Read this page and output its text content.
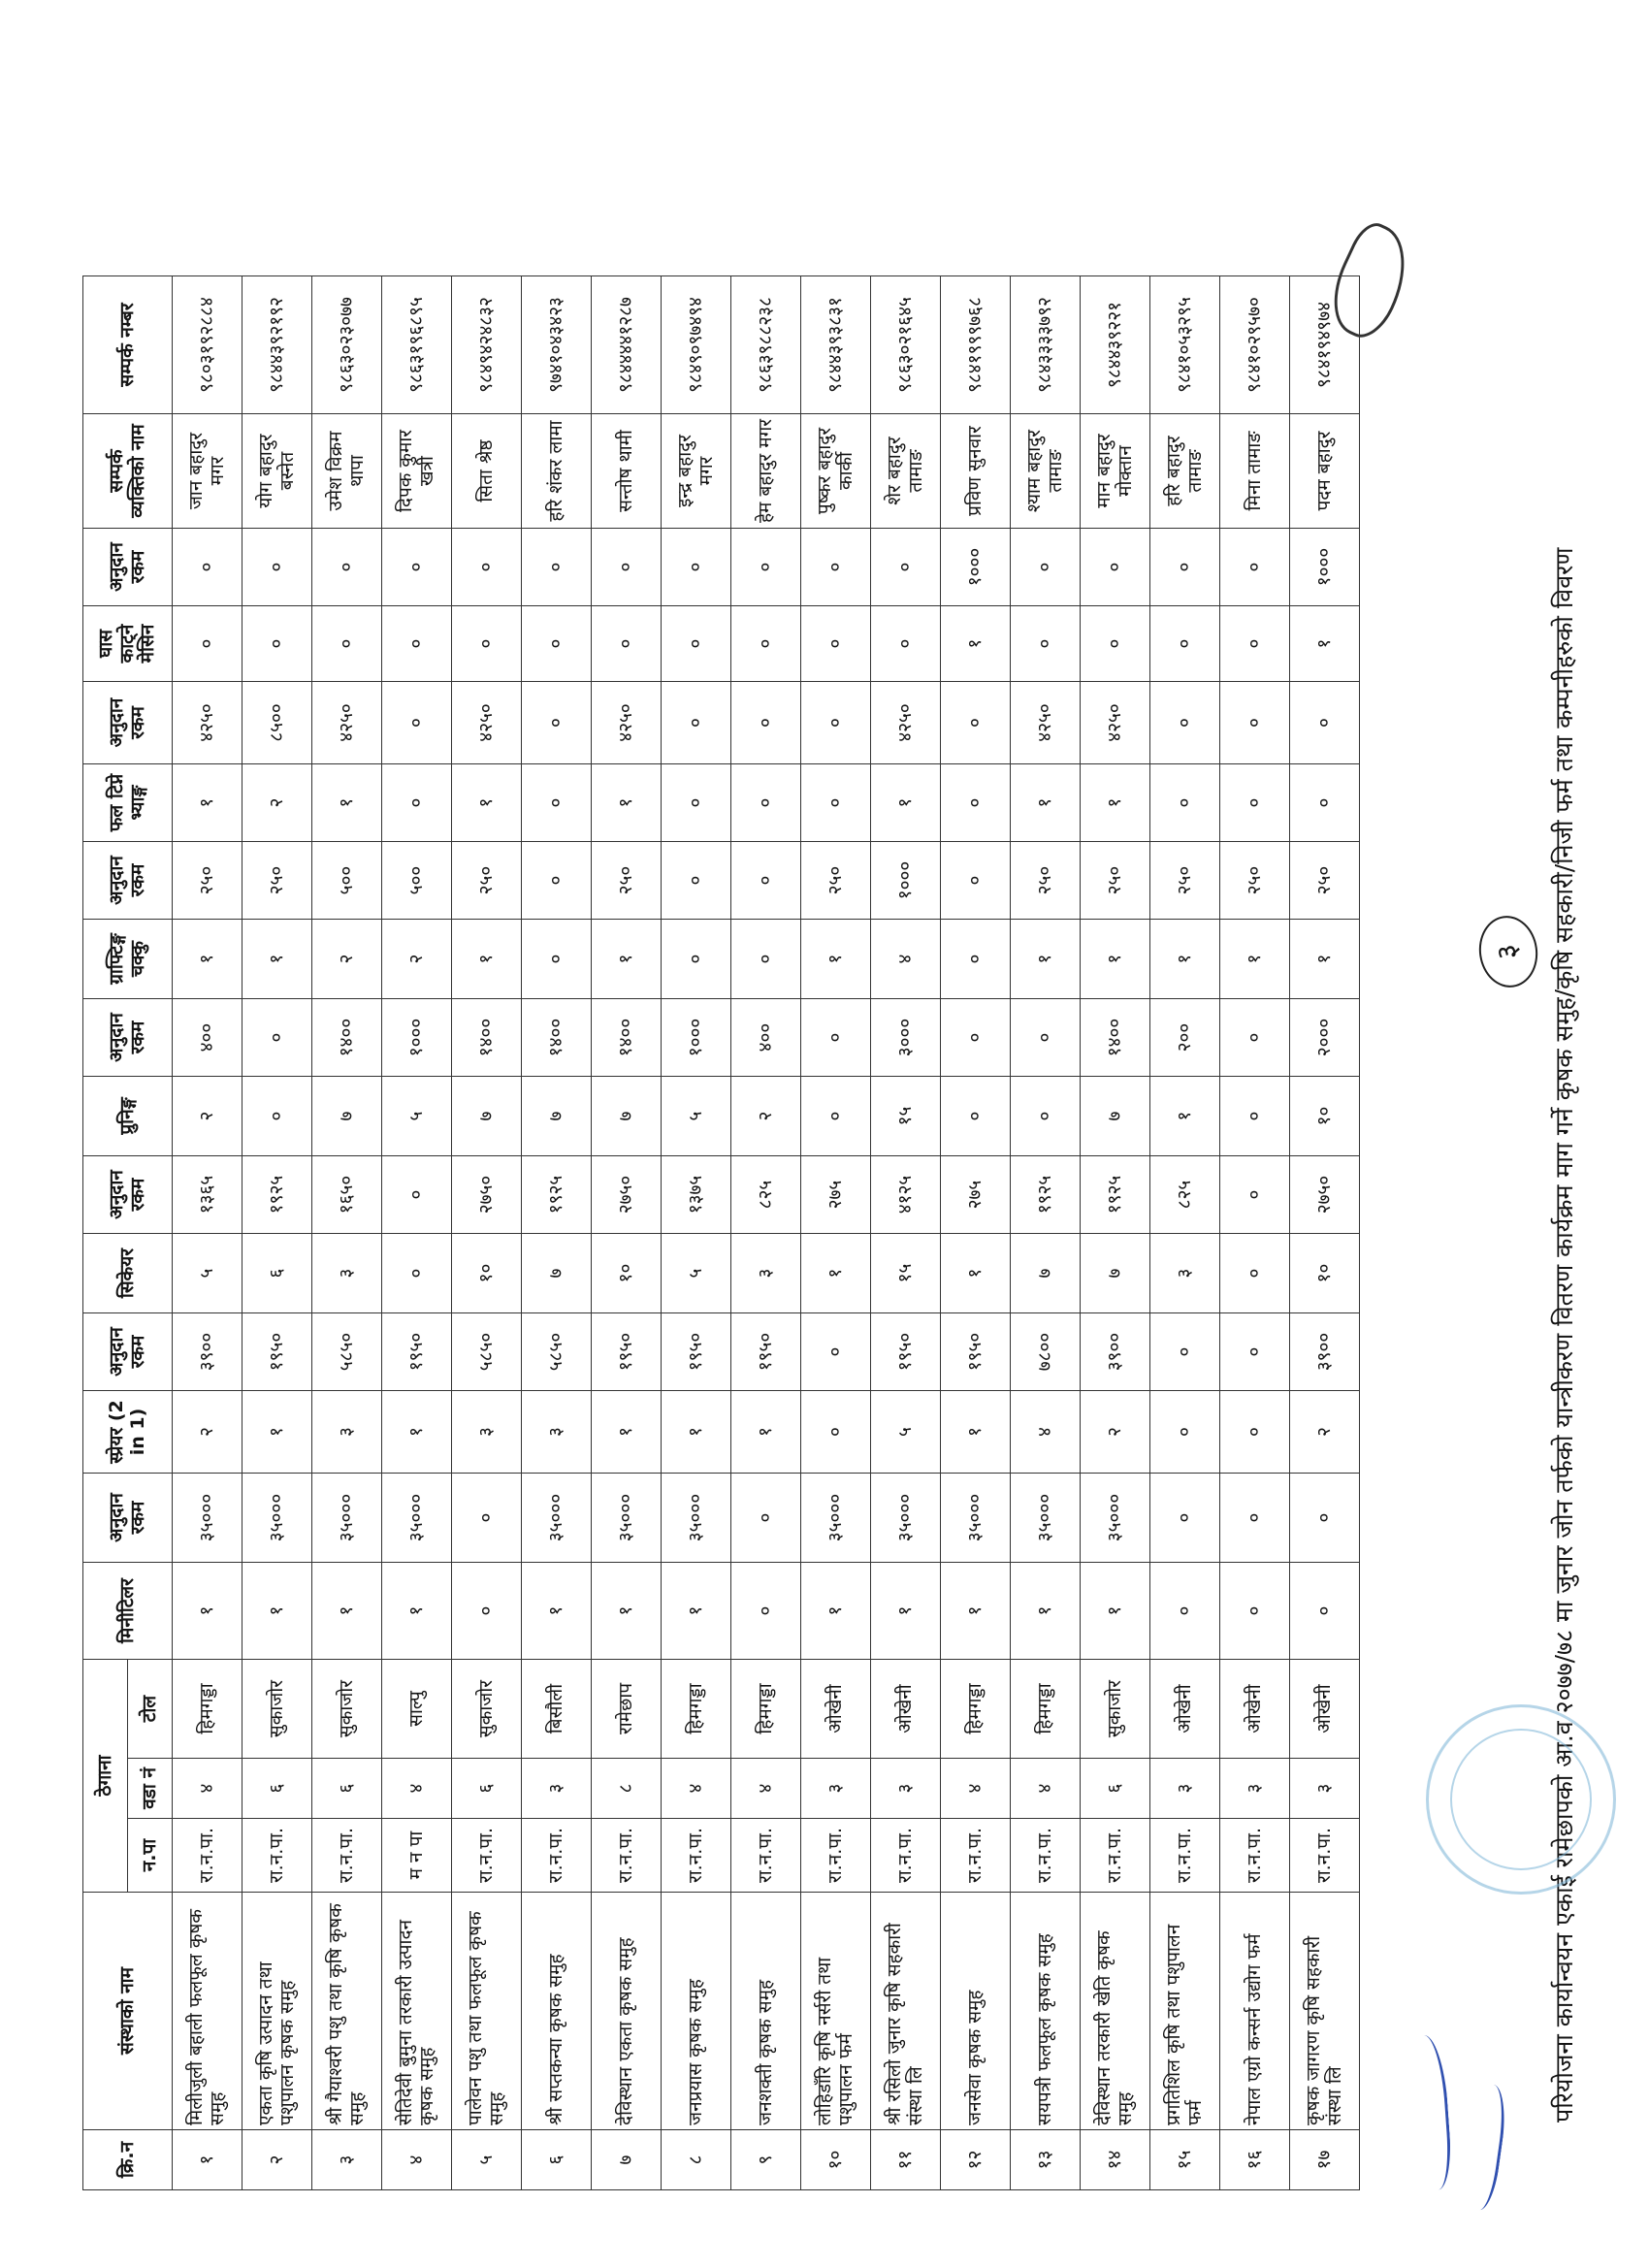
परियोजना कार्यान्वयन एकाई रामेछापको आ.व २०७७/७८ मा जुनार जोन तर्फको यान्त्रीकरण वितरण कार्यक्रम माग गर्ने कृषक समुह/कृषि सहकारी/निजी फर्म तथा कम्पनीहरुको विवरण
३
क्रि.न	संस्थाको नाम	ठेगाना			मिनीटिलर	अनुदान रकम	स्प्रेयर (2 in 1)	अनुदान रकम	सिकेयर	अनुदान रकम	प्रुनिङ्ग	अनुदान रकम	ग्राफ्टिङ्ग चक्कु	अनुदान रकम	फल टिप्ने भ्याङ्ग	अनुदान रकम	घास काट्ने मेसिन	अनुदान रकम	सम्पर्क व्यक्तिको नाम	सम्पर्क नम्बर
		न.पा	वडा नं	टोल																
१	मिलीजुली बहाली फलफूल कृषक समुह	रा.न.पा.	४	हिमगड्डा	१	३५०००	२	३९००	५	१३६५	२	४००	१	२५०	१	४२५०	०	०	जान बहादुर मगर	९८०३१९२८८४
२	एकता कृषि उत्पादन तथा पशुपालन कृषक समुह	रा.न.पा.	६	सुकाजोर	१	३५०००	१	१९५०	६	१९२५	०	०	१	२५०	२	८५००	०	०	योग बहादुर बस्नेत	९८४४३९२१९२
३	श्री गैयाश्वरी पशु तथा कृषि कृषक समुह	रा.न.पा.	६	सुकाजोर	१	३५०००	३	५८५०	३	१६५०	७	१४००	२	५००	१	४२५०	०	०	उमेश विक्रम थापा	९८६३०२३०७७
४	सेतिदेवी बुमुना तरकारी उत्पादन कृषक समुह	म न पा	४	साल्पु	१	३५०००	१	१९५०	०	०	५	१०००	२	५००	०	०	०	०	दिपक कुमार खत्री	९८६३१९६८९५
५	पालेवन पशु तथा फलफूल कृषक समुह	रा.न.पा.	६	सुकाजोर	०	०	३	५८५०	१०	२७५०	७	१४००	१	२५०	१	४२५०	०	०	सिता श्रेष्ठ	९८४९४२४८३२
६	श्री सप्तकन्या कृषक समुह	रा.न.पा.	३	बिसौली	१	३५०००	३	५८५०	७	१९२५	७	१४००	०	०	०	०	०	०	हरि शंकर लामा	९७४१०४३४२३
७	देविस्थान एकता कृषक समुह	रा.न.पा.	८	रामेछाप	१	३५०००	१	१९५०	१०	२७५०	७	१४००	१	२५०	१	४२५०	०	०	सन्तोष थामी	९८४४४४१२८७
८	जनप्रयास कृषक समुह	रा.न.पा.	४	हिमगड्डा	१	३५०००	१	१९५०	५	१३७५	५	१०००	०	०	०	०	०	०	इन्द्र बहादुर मगर	९८४९०९७४९४
९	जनशक्ती कृषक समुह	रा.न.पा.	४	हिमगड्डा	०	०	१	१९५०	३	८२५	२	४००	०	०	०	०	०	०	हेम बहादुर मगर	९८६३९८८२३८
१०	लोहिडाँरि कृषि नर्सरी तथा पशुपालन फर्म	रा.न.पा.	३	ओखेनी	१	३५०००	०	०	१	२७५	०	०	१	२५०	०	०	०	०	पुष्कर बहादुर कार्की	९८४४३९३८३१
११	श्री रसिलो जुनार कृषि सहकारी संस्था लि	रा.न.पा.	३	ओखेनी	१	३५०००	५	१९५०	१५	४१२५	१५	३०००	४	१०००	१	४२५०	०	०	शेर बहादुर तामाङ	९८६३०२१६४५
१२	जनसेवा कृषक समुह	रा.न.पा.	४	हिमगड्डा	१	३५०००	१	१९५०	१	२७५	०	०	०	०	०	०	१	१०००	प्रविण सुनवार	९८४१९९९७६८
१३	सयपत्री फलफूल कृषक समुह	रा.न.पा.	४	हिमगड्डा	१	३५०००	४	७८००	७	१९२५	०	०	१	२५०	१	४२५०	०	०	श्याम बहादुर तामाङ	९८४३३३३७९२
१४	देविस्थान तरकारी खेति कृषक समुह	रा.न.पा.	६	सुकाजोर	१	३५०००	२	३९००	७	१९२५	७	१४००	१	२५०	१	४२५०	०	०	मान बहादुर मोक्तान	९८४४३९२२१
१५	प्रगतिशिल कृषि तथा पशुपालन फर्म	रा.न.पा.	३	ओखेनी	०	०	०	०	३	८२५	१	२००	१	२५०	०	०	०	०	हरि बहादुर तामाङ	९८४१०५३२९५
१६	नेपाल एग्रो कन्सर्न उद्योग फर्म	रा.न.पा.	३	ओखेनी	०	०	०	०	०	०	०	०	१	२५०	०	०	०	०	मिना तामाङ	९८४१०२९५७०
१७	कृषक जागरण कृषि सहकारी संस्था लि	रा.न.पा.	३	ओखेनी	०	०	२	३९००	१०	२७५०	१०	२०००	१	२५०	०	०	१	१०००	पदम बहादुर	९८४१९४९७४
